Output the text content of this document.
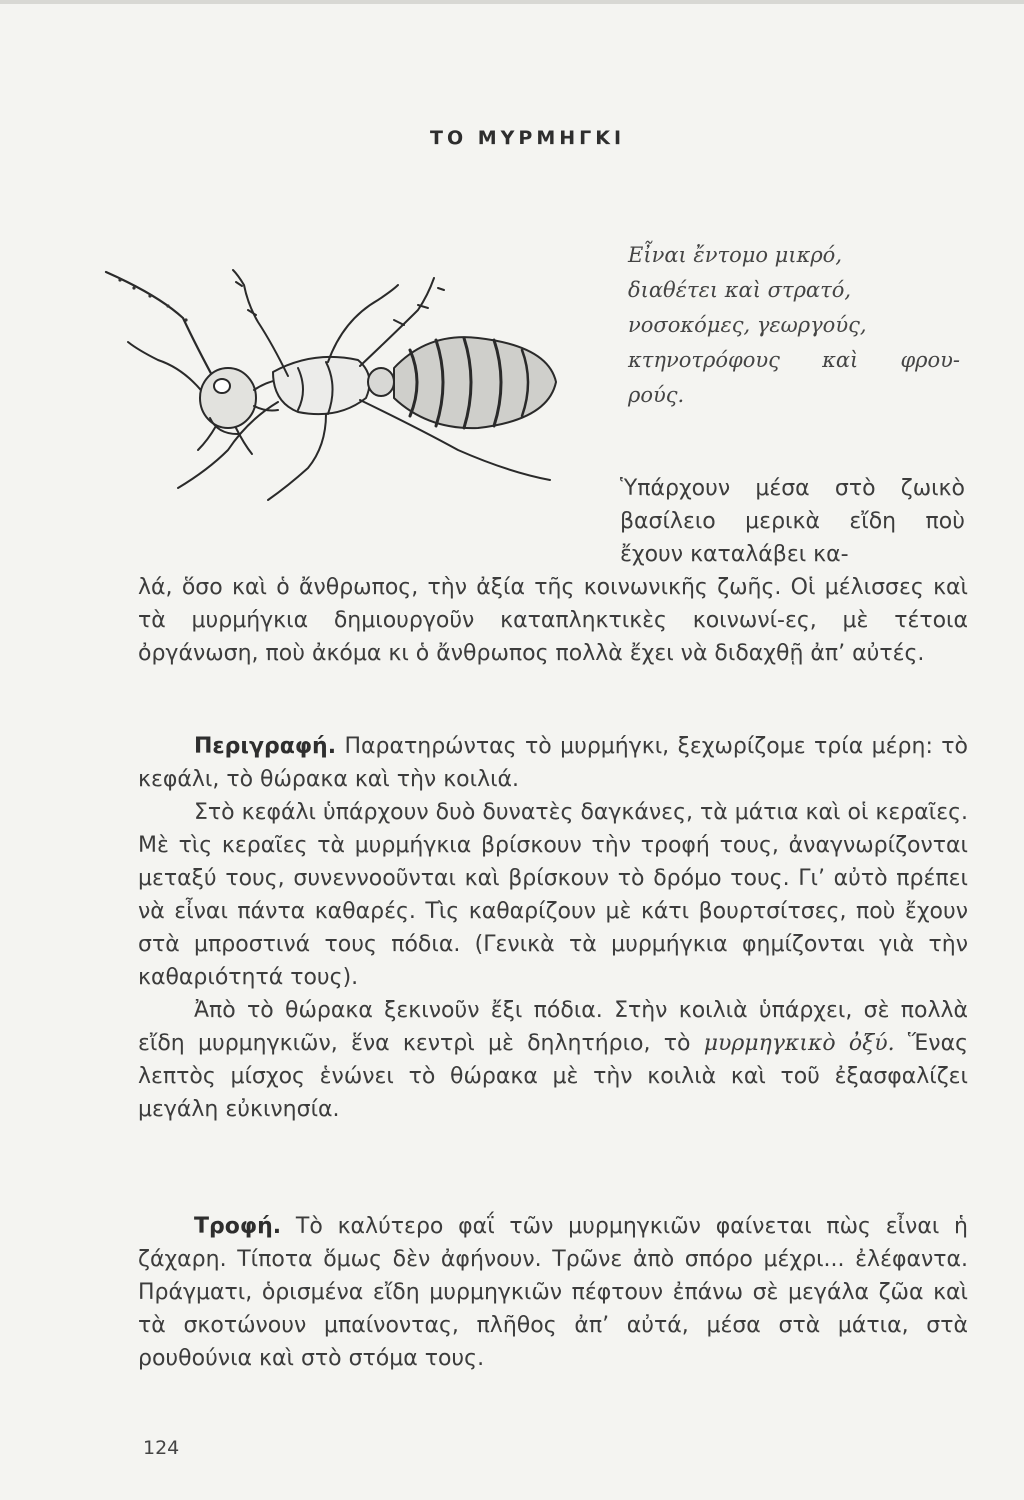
ΤΟ ΜΥΡΜΗΓΚΙ
Εἶναι ἔντομο μικρό,
διαθέτει καὶ στρατό,
νοσοκόμες, γεωργούς,
κτηνοτρόφους καὶ φρου-
ρούς.

Ὑπάρχουν μέσα στὸ ζωικὸ βασίλειο μερικὰ εἴδη ποὺ ἔχουν καταλάβει κα-

λά, ὅσο καὶ ὁ ἄνθρωπος, τὴν ἀξία τῆς κοινωνικῆς ζωῆς. Οἱ μέλισσες καὶ τὰ μυρμήγκια δημιουργοῦν καταπληκτικὲς κοινωνί-ες, μὲ τέτοια ὀργάνωση, ποὺ ἀκόμα κι ὁ ἄνθρωπος πολλὰ ἔχει νὰ διδαχθῇ ἀπ’ αὐτές.

Περιγραφή. Παρατηρώντας τὸ μυρμήγκι, ξεχωρίζομε τρία μέρη: τὸ κεφάλι, τὸ θώρακα καὶ τὴν κοιλιά.

Στὸ κεφάλι ὑπάρχουν δυὸ δυνατὲς δαγκάνες, τὰ μάτια καὶ οἱ κεραῖες. Μὲ τὶς κεραῖες τὰ μυρμήγκια βρίσκουν τὴν τροφή τους, ἀναγνωρίζονται μεταξύ τους, συνεννοοῦνται καὶ βρίσκουν τὸ δρόμο τους. Γι’ αὐτὸ πρέπει νὰ εἶναι πάντα καθαρές. Τὶς καθαρίζουν μὲ κάτι βουρτσίτσες, ποὺ ἔχουν στὰ μπροστινά τους πόδια. (Γενικὰ τὰ μυρμήγκια φημίζονται γιὰ τὴν καθαριότητά τους).

Ἀπὸ τὸ θώρακα ξεκινοῦν ἔξι πόδια. Στὴν κοιλιὰ ὑπάρχει, σὲ πολλὰ εἴδη μυρμηγκιῶν, ἕνα κεντρὶ μὲ δηλητήριο, τὸ μυρμηγκικὸ ὀξύ. Ἕνας λεπτὸς μίσχος ἑνώνει τὸ θώρακα μὲ τὴν κοιλιὰ καὶ τοῦ ἐξασφαλίζει μεγάλη εὐκινησία.

Τροφή. Τὸ καλύτερο φαΐ τῶν μυρμηγκιῶν φαίνεται πὼς εἶναι ἡ ζάχαρη. Τίποτα ὅμως δὲν ἀφήνουν. Τρῶνε ἀπὸ σπόρο μέχρι... ἐλέφαντα. Πράγματι, ὁρισμένα εἴδη μυρμηγκιῶν πέφτουν ἐπάνω σὲ μεγάλα ζῶα καὶ τὰ σκοτώνουν μπαίνοντας, πλῆθος ἀπ’ αὐτά, μέσα στὰ μάτια, στὰ ρουθούνια καὶ στὸ στόμα τους.

124
